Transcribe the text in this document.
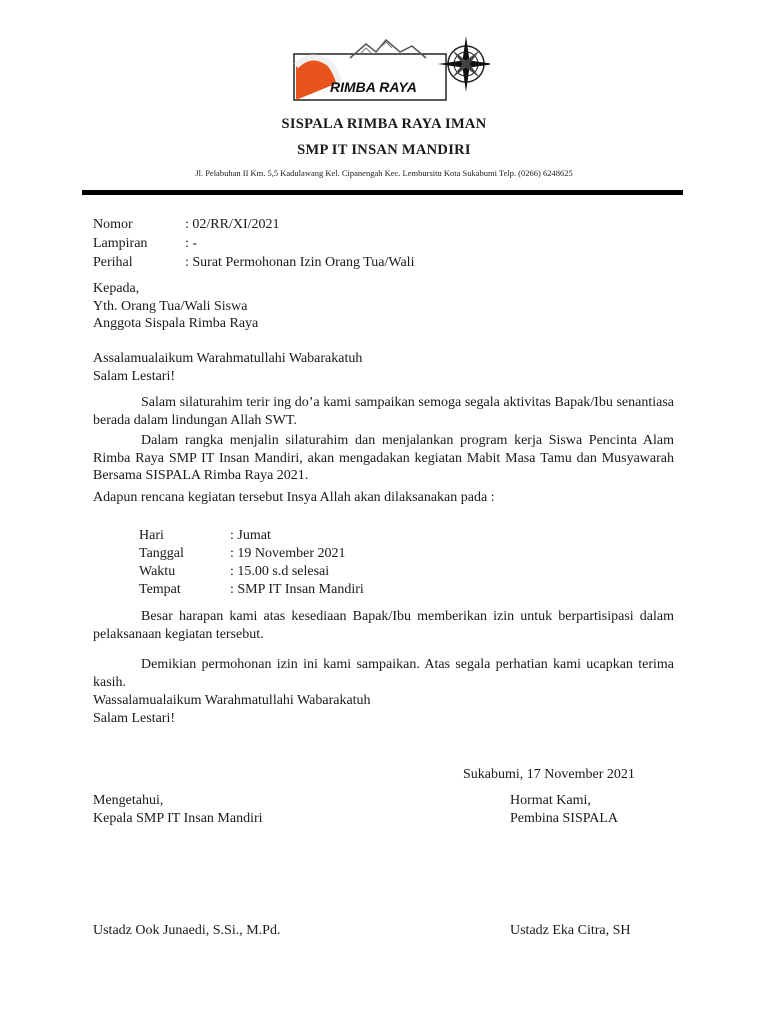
RIMBA RAYA
SISPALA RIMBA RAYA IMAN
SMP IT INSAN MANDIRI
Jl. Pelabuhan II Km. 5,5 Kadulawang Kel. Cipanengah Kec. Lembursitu Kota Sukabumi Telp. (0266) 6248625
Nomor	: 02/RR/XI/2021
Lampiran	: -
Perihal	: Surat Permohonan Izin Orang Tua/Wali
Kepada,
Yth. Orang Tua/Wali Siswa
Anggota Sispala Rimba Raya
Assalamualaikum Warahmatullahi Wabarakatuh
Salam Lestari!

Salam silaturahim terir ing do’a kami sampaikan semoga segala aktivitas Bapak/Ibu senantiasa berada dalam lindungan Allah SWT.

Dalam rangka menjalin silaturahim dan menjalankan program kerja Siswa Pencinta Alam Rimba Raya SMP IT Insan Mandiri, akan mengadakan kegiatan Mabit Masa Tamu dan Musyawarah Bersama SISPALA Rimba Raya 2021.

Adapun rencana kegiatan tersebut Insya Allah akan dilaksanakan pada :
Hari	: Jumat
Tanggal	: 19 November 2021
Waktu	: 15.00 s.d selesai
Tempat	: SMP IT Insan Mandiri

Besar harapan kami atas kesediaan Bapak/Ibu memberikan izin untuk berpartisipasi dalam pelaksanaan kegiatan tersebut.

Demikian permohonan izin ini kami sampaikan. Atas segala perhatian kami ucapkan terima kasih.

Wassalamualaikum Warahmatullahi Wabarakatuh
Salam Lestari!
Sukabumi, 17 November 2021
Mengetahui,
Kepala SMP IT Insan Mandiri
Hormat Kami,
Pembina SISPALA
Ustadz Ook Junaedi, S.Si., M.Pd.	Ustadz Eka Citra, SH
